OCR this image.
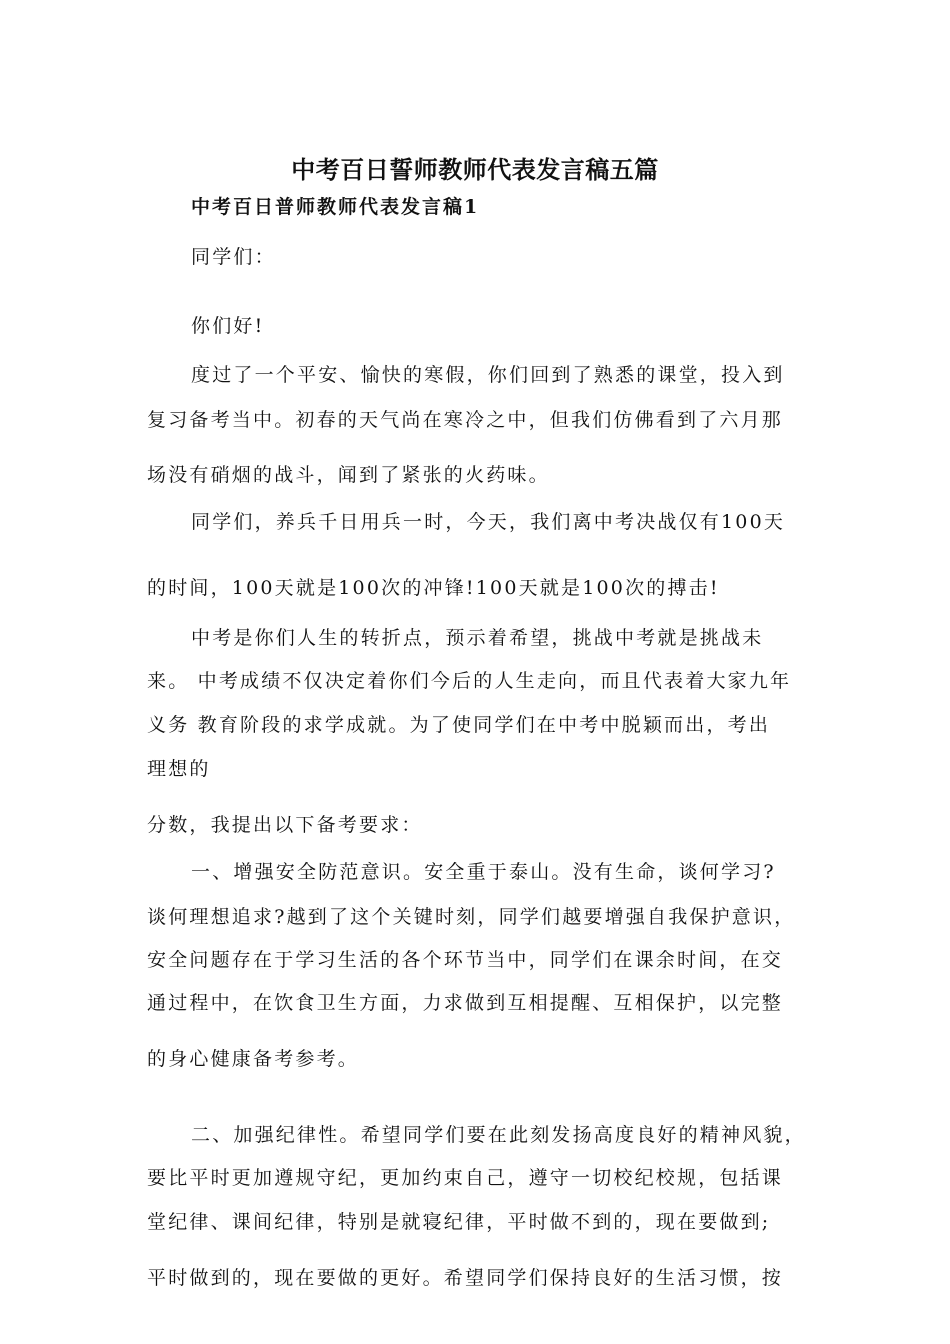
中考百日誓师教师代表发言稿五篇
中考百日普师教师代表发言稿1
同学们：
你们好!
度过了一个平安、愉快的寒假，你们回到了熟悉的课堂，投入到
复习备考当中。初春的天气尚在寒冷之中，但我们仿佛看到了六月那
场没有硝烟的战斗，闻到了紧张的火药味。
同学们，养兵千日用兵一时，今天，我们离中考决战仅有100天
的时间，100天就是100次的冲锋!100天就是100次的搏击!
中考是你们人生的转折点，预示着希望，挑战中考就是挑战未
来。 中考成绩不仅决定着你们今后的人生走向，而且代表着大家九年
义务 教育阶段的求学成就。为了使同学们在中考中脱颖而出，考出
理想的
分数，我提出以下备考要求：
一、增强安全防范意识。安全重于泰山。没有生命，谈何学习?
谈何理想追求?越到了这个关键时刻，同学们越要增强自我保护意识，
安全问题存在于学习生活的各个环节当中，同学们在课余时间，在交
通过程中，在饮食卫生方面，力求做到互相提醒、互相保护，以完整
的身心健康备考参考。
二、加强纪律性。希望同学们要在此刻发扬高度良好的精神风貌，
要比平时更加遵规守纪，更加约束自己，遵守一切校纪校规，包括课
堂纪律、课间纪律，特别是就寝纪律，平时做不到的，现在要做到;
平时做到的，现在要做的更好。希望同学们保持良好的生活习惯，按
